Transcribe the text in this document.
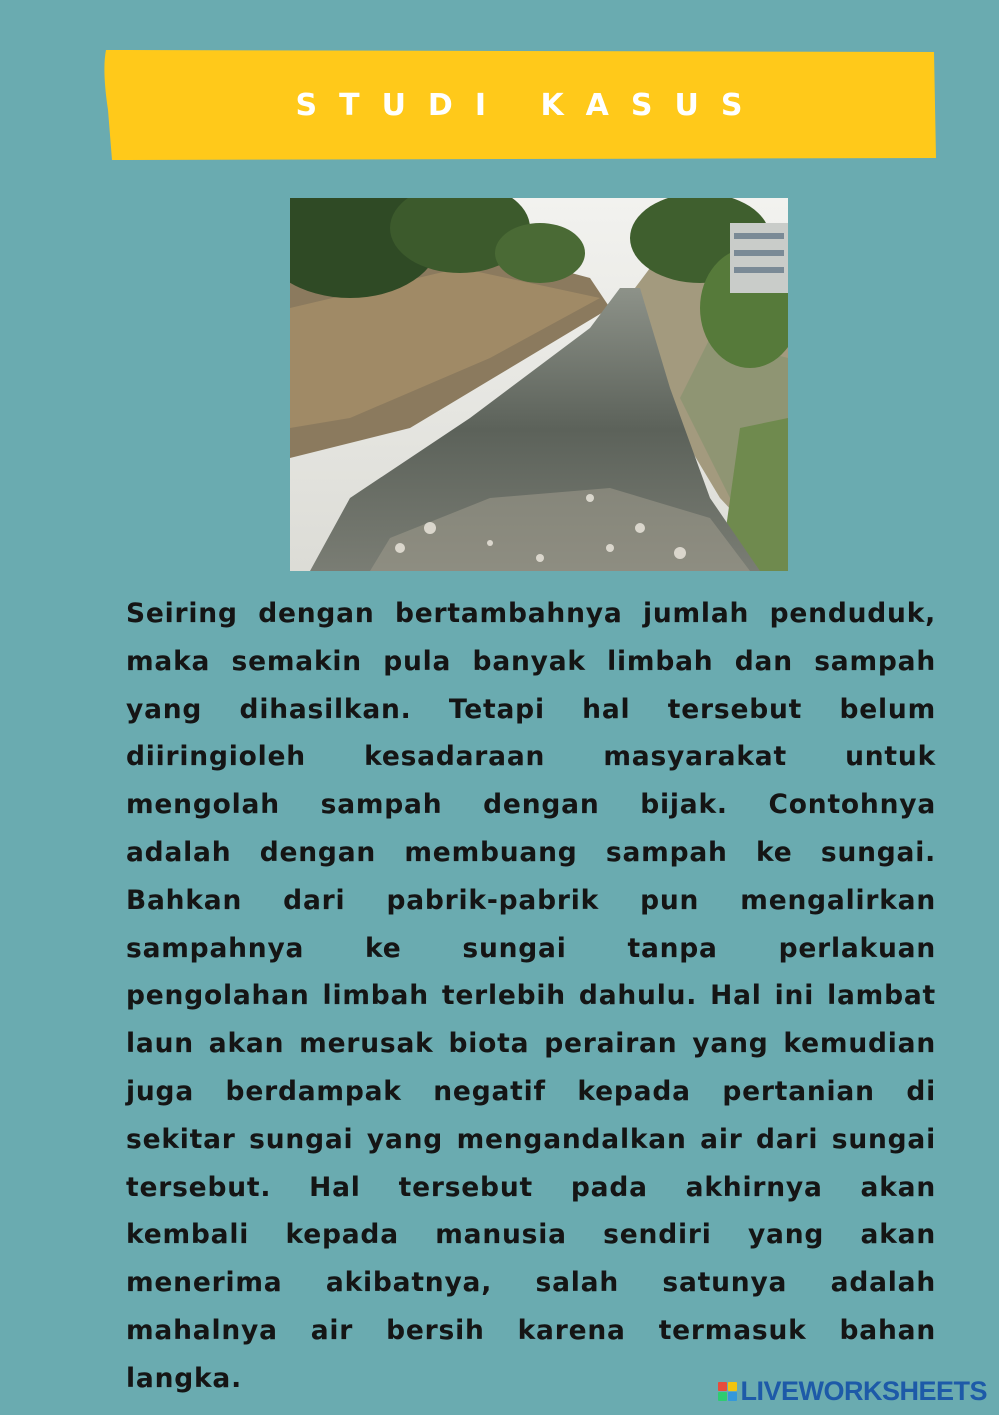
STUDI KASUS

Seiring dengan bertambahnya jumlah penduduk, maka semakin pula banyak limbah dan sampah yang dihasilkan. Tetapi hal tersebut belum diiringioleh kesadaraan masyarakat untuk mengolah sampah dengan bijak. Contohnya adalah dengan membuang sampah ke sungai. Bahkan dari pabrik-pabrik pun mengalirkan sampahnya ke sungai tanpa perlakuan pengolahan limbah terlebih dahulu. Hal ini lambat laun akan merusak biota perairan yang kemudian juga berdampak negatif kepada pertanian di sekitar sungai yang mengandalkan air dari sungai tersebut. Hal tersebut pada akhirnya akan kembali kepada manusia sendiri yang akan menerima akibatnya, salah satunya adalah mahalnya air bersih karena termasuk bahan langka.	LIVEWORKSHEETS
